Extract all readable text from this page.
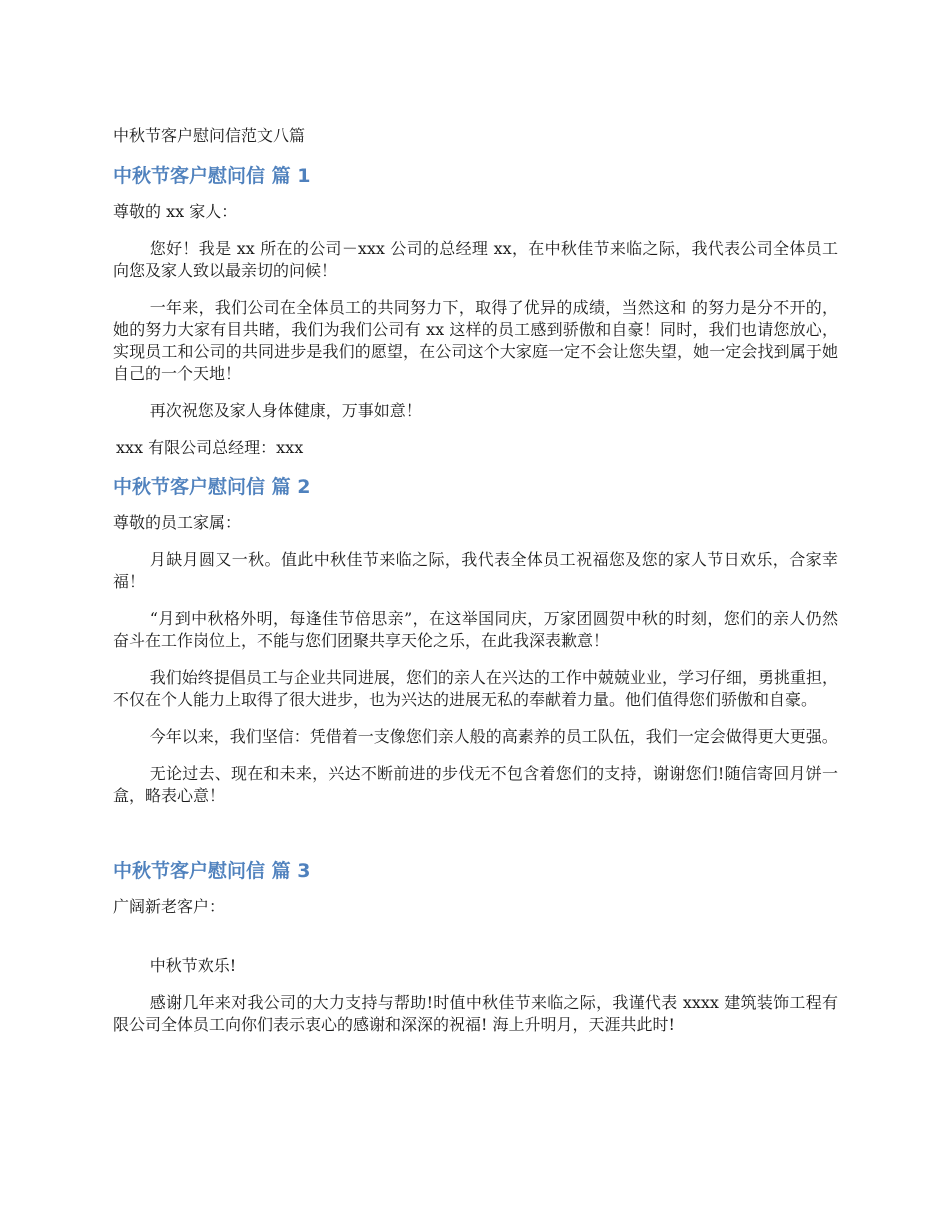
中秋节客户慰问信范文八篇
中秋节客户慰问信 篇 1
尊敬的 xx 家人：
您好！我是 xx 所在的公司－xxx 公司的总经理 xx，在中秋佳节来临之际，我代表公司全体员工向您及家人致以最亲切的问候！
一年来，我们公司在全体员工的共同努力下，取得了优异的成绩，当然这和 的努力是分不开的，她的努力大家有目共睹，我们为我们公司有 xx 这样的员工感到骄傲和自豪！同时，我们也请您放心，实现员工和公司的共同进步是我们的愿望，在公司这个大家庭一定不会让您失望，她一定会找到属于她自己的一个天地！
再次祝您及家人身体健康，万事如意！
xxx 有限公司总经理：xxx
中秋节客户慰问信 篇 2
尊敬的员工家属：
月缺月圆又一秋。值此中秋佳节来临之际，我代表全体员工祝福您及您的家人节日欢乐，合家幸福！
“月到中秋格外明，每逢佳节倍思亲”，在这举国同庆，万家团圆贺中秋的时刻，您们的亲人仍然奋斗在工作岗位上，不能与您们团聚共享天伦之乐，在此我深表歉意！
我们始终提倡员工与企业共同进展，您们的亲人在兴达的工作中兢兢业业，学习仔细，勇挑重担，不仅在个人能力上取得了很大进步，也为兴达的进展无私的奉献着力量。他们值得您们骄傲和自豪。
今年以来，我们坚信：凭借着一支像您们亲人般的高素养的员工队伍，我们一定会做得更大更强。
无论过去、现在和未来，兴达不断前进的步伐无不包含着您们的支持，谢谢您们!随信寄回月饼一盒，略表心意！
中秋节客户慰问信 篇 3
广阔新老客户：
中秋节欢乐!
感谢几年来对我公司的大力支持与帮助!时值中秋佳节来临之际，我谨代表 xxxx 建筑装饰工程有限公司全体员工向你们表示衷心的感谢和深深的祝福! 海上升明月，天涯共此时!
